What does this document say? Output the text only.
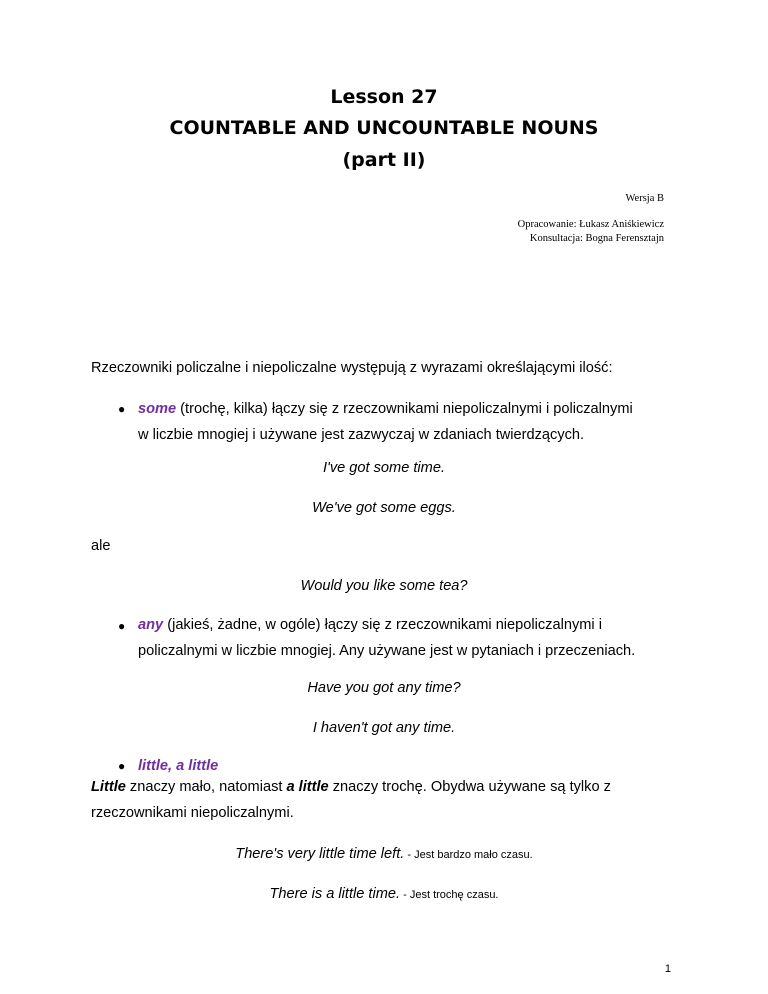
Lesson 27
COUNTABLE AND UNCOUNTABLE NOUNS
(part II)
Wersja B
Opracowanie: Łukasz Aniśkiewicz
Konsultacja: Bogna Ferensztajn
Rzeczowniki policzalne i niepoliczalne występują z wyrazami określającymi ilość:
● some (trochę, kilka) łączy się z rzeczownikami niepoliczalnymi i policzalnymi
w liczbie mnogiej i używane jest zazwyczaj w zdaniach twierdzących.
I've got some time.
We've got some eggs.
ale
Would you like some tea?
● any (jakieś, żadne, w ogóle) łączy się z rzeczownikami niepoliczalnymi i
policzalnymi w liczbie mnogiej. Any używane jest w pytaniach i przeczeniach.
Have you got any time?
I haven't got any time.
● little, a little
Little znaczy mało, natomiast a little znaczy trochę. Obydwa używane są tylko z
rzeczownikami niepoliczalnymi.
There's very little time left. - Jest bardzo mało czasu.
There is a little time. - Jest trochę czasu.
1
